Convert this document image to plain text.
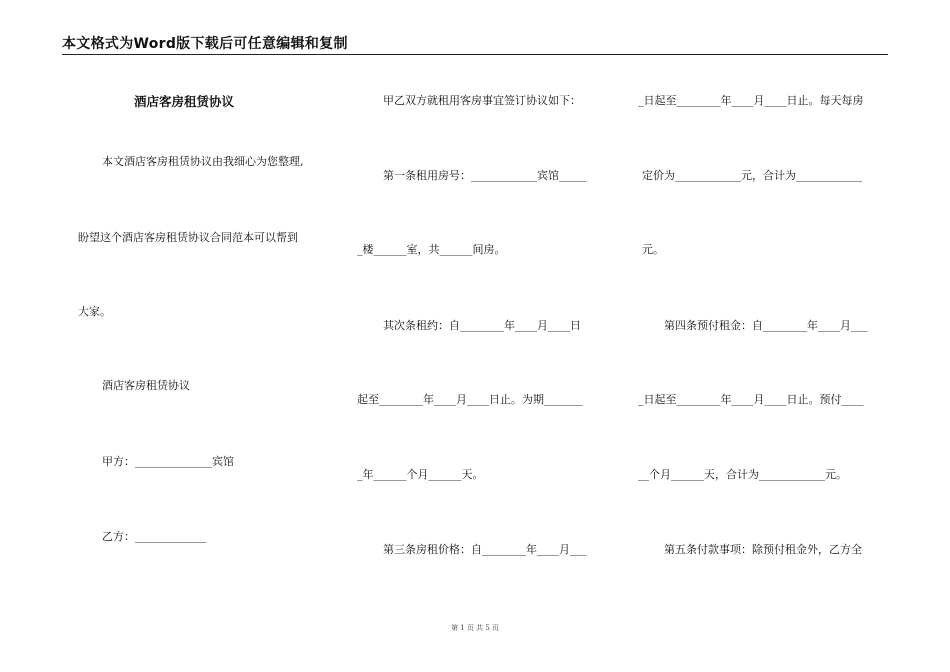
本文格式为Word版下载后可任意编辑和复制
酒店客房租赁协议
本文酒店客房租赁协议由我细心为您整理,
盼望这个酒店客房租赁协议合同范本可以帮到
大家。
酒店客房租赁协议
甲方：______________宾馆
乙方：_____________
甲乙双方就租用客房事宜签订协议如下：
第一条租用房号：____________宾馆_____
_楼______室，共______间房。
其次条租约：自________年____月____日
起至________年____月____日止。为期_______
_年______个月______天。
第三条房租价格：自________年____月___
_日起至________年____月____日止。每天每房
定价为____________元，合计为____________
元。
第四条预付租金：自________年____月___
_日起至________年____月____日止。预付____
__个月______天，合计为____________元。
第五条付款事项：除预付租金外，乙方全
第 1 页 共 5 页
